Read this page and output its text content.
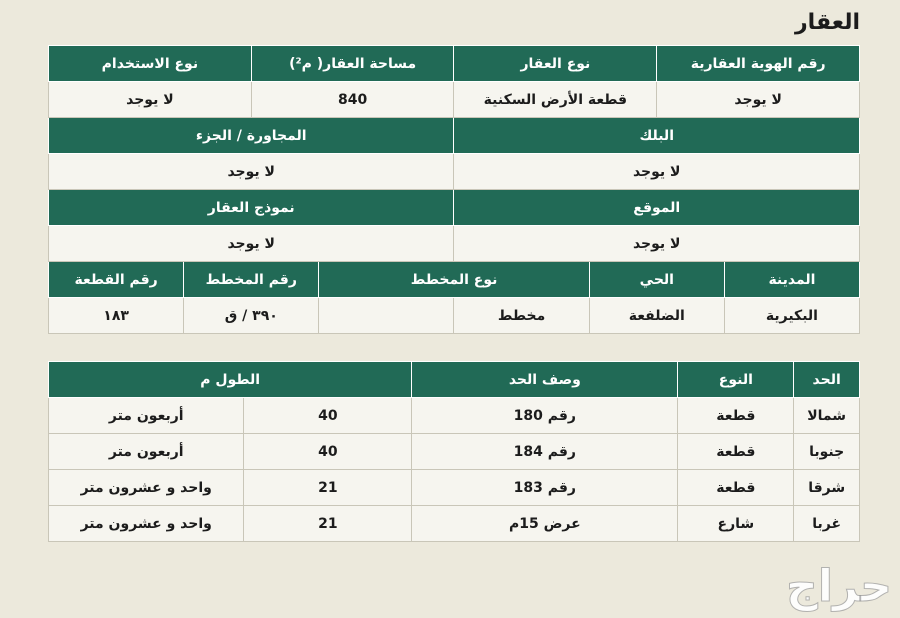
العقار
رقم الهوية العقارية		نوع العقار		مساحة العقار( م²)		نوع الاستخدام	
لا يوجد		قطعة الأرض السكنية		840		لا يوجد	
البلك				المجاورة / الجزء			
لا يوجد				لا يوجد			
الموقع				نموذج العقار			
لا يوجد				لا يوجد			
المدينة	الحي		نوع المخطط		رقم المخطط		رقم القطعة
البكيرية	الضلفعة		مخطط		٣٩٠ / ق		١٨٣
الحد	النوع	وصف الحد	الطول م	
شمالا	قطعة	رقم 180	40	أربعون متر
جنوبا	قطعة	رقم 184	40	أربعون متر
شرقا	قطعة	رقم 183	21	واحد و عشرون متر
غربا	شارع	عرض 15م	21	واحد و عشرون متر
حراج
